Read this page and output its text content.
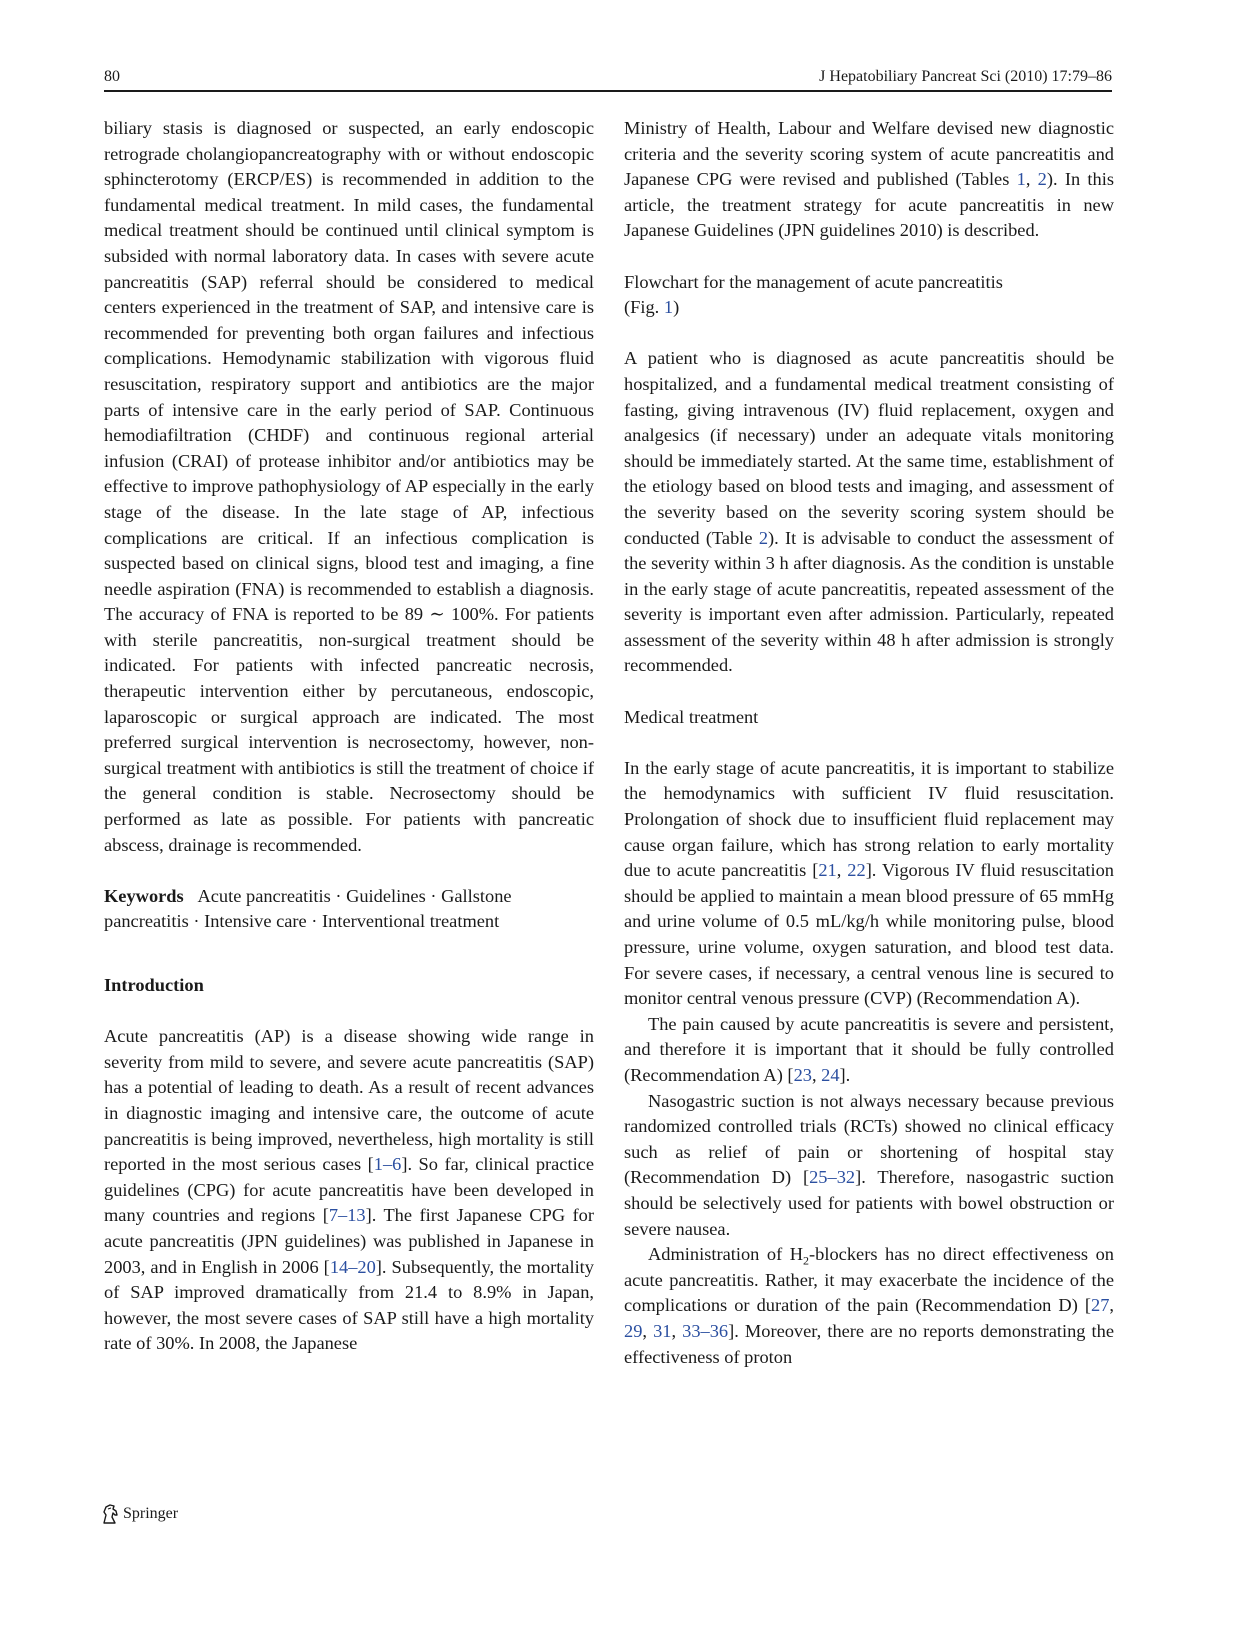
80	J Hepatobiliary Pancreat Sci (2010) 17:79–86

biliary stasis is diagnosed or suspected, an early endoscopic retrograde cholangiopancreatography with or without endoscopic sphincterotomy (ERCP/ES) is recommended in addition to the fundamental medical treatment. In mild cases, the fundamental medical treatment should be continued until clinical symptom is subsided with normal laboratory data. In cases with severe acute pancreatitis (SAP) referral should be considered to medical centers experienced in the treatment of SAP, and intensive care is recommended for preventing both organ failures and infectious complications. Hemodynamic stabilization with vigorous fluid resuscitation, respiratory support and antibiotics are the major parts of intensive care in the early period of SAP. Continuous hemodiafiltration (CHDF) and continuous regional arterial infusion (CRAI) of protease inhibitor and/or antibiotics may be effective to improve pathophysiology of AP especially in the early stage of the disease. In the late stage of AP, infectious complications are critical. If an infectious complication is suspected based on clinical signs, blood test and imaging, a fine needle aspiration (FNA) is recommended to establish a diagnosis. The accuracy of FNA is reported to be 89 ∼ 100%. For patients with sterile pancreatitis, non-surgical treatment should be indicated. For patients with infected pancreatic necrosis, therapeutic intervention either by percutaneous, endoscopic, laparoscopic or surgical approach are indicated. The most preferred surgical intervention is necrosectomy, however, non-surgical treatment with antibiotics is still the treatment of choice if the general condition is stable. Necrosectomy should be performed as late as possible. For patients with pancreatic abscess, drainage is recommended.

Keywords Acute pancreatitis · Guidelines · Gallstone pancreatitis · Intensive care · Interventional treatment

Introduction

Acute pancreatitis (AP) is a disease showing wide range in severity from mild to severe, and severe acute pancreatitis (SAP) has a potential of leading to death. As a result of recent advances in diagnostic imaging and intensive care, the outcome of acute pancreatitis is being improved, nevertheless, high mortality is still reported in the most serious cases [1–6]. So far, clinical practice guidelines (CPG) for acute pancreatitis have been developed in many countries and regions [7–13]. The first Japanese CPG for acute pancreatitis (JPN guidelines) was published in Japanese in 2003, and in English in 2006 [14–20]. Subsequently, the mortality of SAP improved dramatically from 21.4 to 8.9% in Japan, however, the most severe cases of SAP still have a high mortality rate of 30%. In 2008, the Japanese

Ministry of Health, Labour and Welfare devised new diagnostic criteria and the severity scoring system of acute pancreatitis and Japanese CPG were revised and published (Tables 1, 2). In this article, the treatment strategy for acute pancreatitis in new Japanese Guidelines (JPN guidelines 2010) is described.

Flowchart for the management of acute pancreatitis
(Fig. 1)

A patient who is diagnosed as acute pancreatitis should be hospitalized, and a fundamental medical treatment consisting of fasting, giving intravenous (IV) fluid replacement, oxygen and analgesics (if necessary) under an adequate vitals monitoring should be immediately started. At the same time, establishment of the etiology based on blood tests and imaging, and assessment of the severity based on the severity scoring system should be conducted (Table 2). It is advisable to conduct the assessment of the severity within 3 h after diagnosis. As the condition is unstable in the early stage of acute pancreatitis, repeated assessment of the severity is important even after admission. Particularly, repeated assessment of the severity within 48 h after admission is strongly recommended.

Medical treatment

In the early stage of acute pancreatitis, it is important to stabilize the hemodynamics with sufficient IV fluid resuscitation. Prolongation of shock due to insufficient fluid replacement may cause organ failure, which has strong relation to early mortality due to acute pancreatitis [21, 22]. Vigorous IV fluid resuscitation should be applied to maintain a mean blood pressure of 65 mmHg and urine volume of 0.5 mL/kg/h while monitoring pulse, blood pressure, urine volume, oxygen saturation, and blood test data. For severe cases, if necessary, a central venous line is secured to monitor central venous pressure (CVP) (Recommendation A).

The pain caused by acute pancreatitis is severe and persistent, and therefore it is important that it should be fully controlled (Recommendation A) [23, 24].

Nasogastric suction is not always necessary because previous randomized controlled trials (RCTs) showed no clinical efficacy such as relief of pain or shortening of hospital stay (Recommendation D) [25–32]. Therefore, nasogastric suction should be selectively used for patients with bowel obstruction or severe nausea.

Administration of $H_2$-blockers has no direct effectiveness on acute pancreatitis. Rather, it may exacerbate the incidence of the complications or duration of the pain (Recommendation D) [27, 29, 31, 33–36]. Moreover, there are no reports demonstrating the effectiveness of proton

Springer
